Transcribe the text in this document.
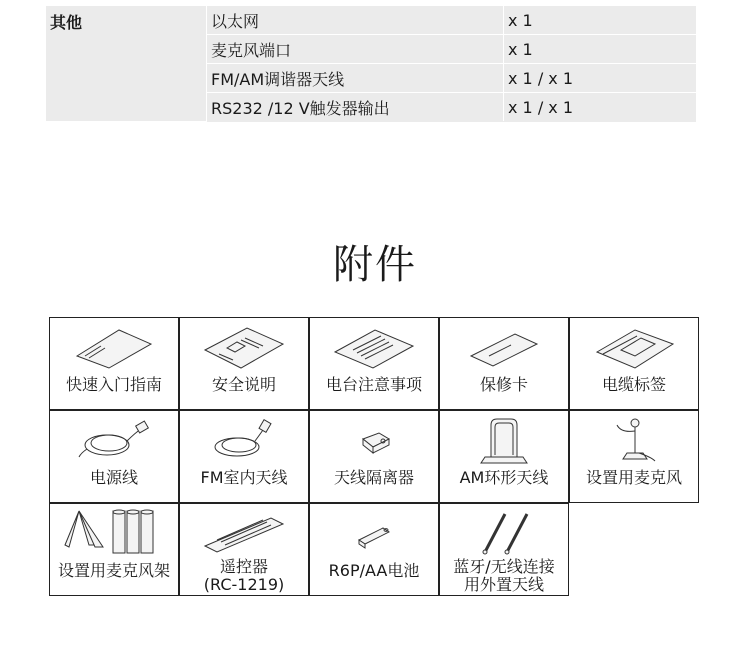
其他	以太网	x 1
	麦克风端口	x 1
	FM/AM调谐器天线	x 1 / x 1
	RS232 /12 V触发器输出	x 1 / x 1
附件
快速入门指南	安全说明	电台注意事项	保修卡	电缆标签
电源线	FM室内天线	天线隔离器	AM环形天线	设置用麦克风
设置用麦克风架	遥控器
(RC-1219)
R6P/AA电池	蓝牙/无线连接
用外置天线
